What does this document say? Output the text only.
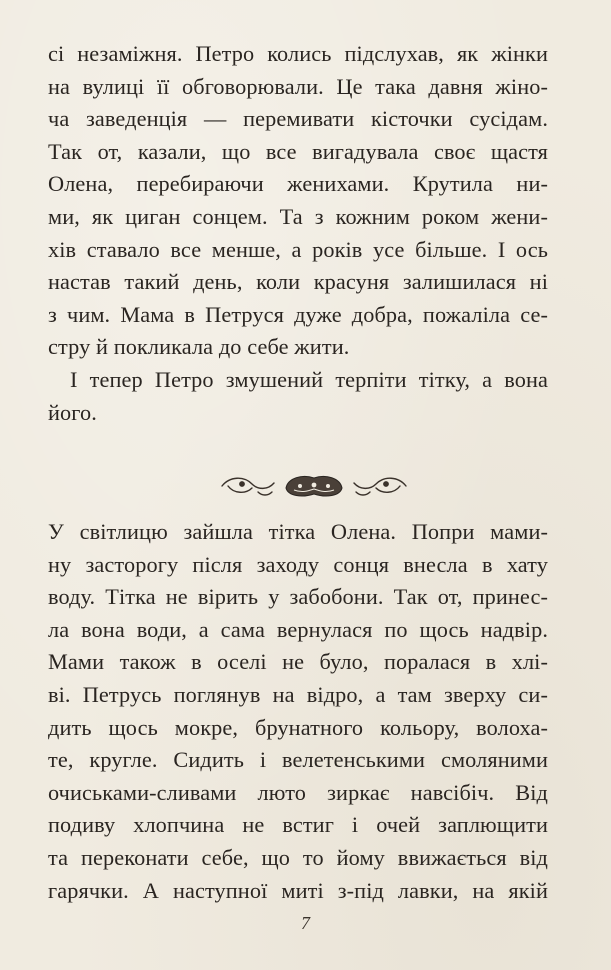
сі незаміжня. Петро колись підслухав, як жінки
на вулиці її обговорювали. Це така давня жіно-
ча заведенція — перемивати кісточки сусідам.
Так от, казали, що все вигадувала своє щастя
Олена, перебираючи женихами. Крутила ни-
ми, як циган сонцем. Та з кожним роком жени-
хів ставало все менше, а років усе більше. І ось
настав такий день, коли красуня залишилася ні
з чим. Мама в Петруся дуже добра, пожаліла се-
стру й покликала до себе жити.
І тепер Петро змушений терпіти тітку, а вона
його.
У світлицю зайшла тітка Олена. Попри мами-
ну засторогу після заходу сонця внесла в хату
воду. Тітка не вірить у забобони. Так от, принес-
ла вона води, а сама вернулася по щось надвір.
Мами також в оселі не було, поралася в хлі-
ві. Петрусь поглянув на відро, а там зверху си-
дить щось мокре, брунатного кольору, волоха-
те, кругле. Сидить і велетенськими смоляними
очиськами-сливами люто зиркає навсібіч. Від
подиву хлопчина не встиг і очей заплющити
та переконати себе, що то йому ввижається від
гарячки. А наступної миті з-під лавки, на якій
7
